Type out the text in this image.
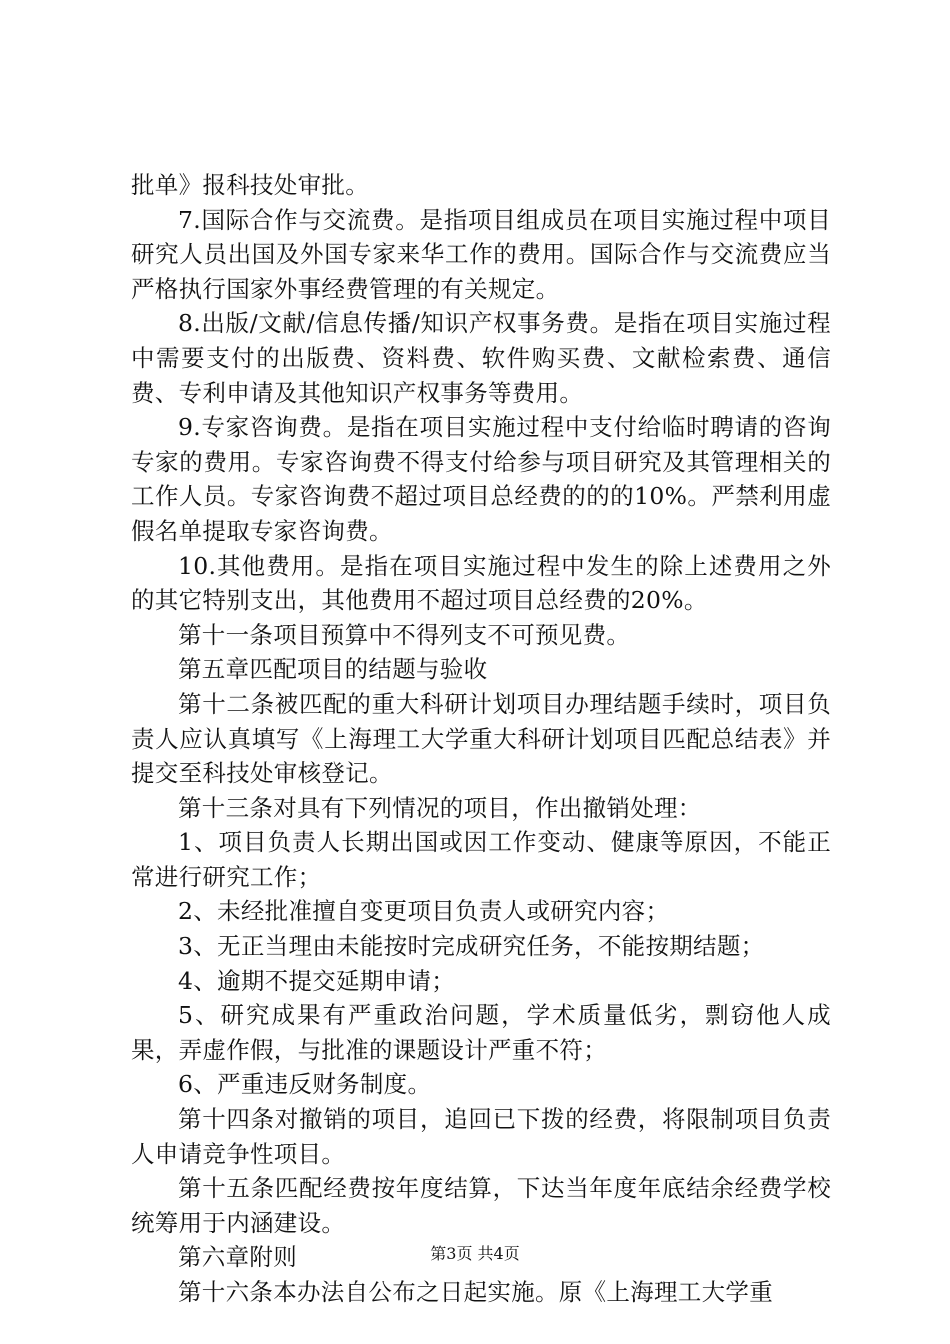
批单》报科技处审批。

7.国际合作与交流费。是指项目组成员在项目实施过程中项目研究人员出国及外国专家来华工作的费用。国际合作与交流费应当严格执行国家外事经费管理的有关规定。

8.出版/文献/信息传播/知识产权事务费。是指在项目实施过程中需要支付的出版费、资料费、软件购买费、文献检索费、通信费、专利申请及其他知识产权事务等费用。

9.专家咨询费。是指在项目实施过程中支付给临时聘请的咨询专家的费用。专家咨询费不得支付给参与项目研究及其管理相关的工作人员。专家咨询费不超过项目总经费的的的10%。严禁利用虚假名单提取专家咨询费。

10.其他费用。是指在项目实施过程中发生的除上述费用之外的其它特别支出，其他费用不超过项目总经费的20%。

第十一条项目预算中不得列支不可预见费。

第五章匹配项目的结题与验收

第十二条被匹配的重大科研计划项目办理结题手续时，项目负责人应认真填写《上海理工大学重大科研计划项目匹配总结表》并提交至科技处审核登记。

第十三条对具有下列情况的项目，作出撤销处理：

1、项目负责人长期出国或因工作变动、健康等原因，不能正常进行研究工作；

2、未经批准擅自变更项目负责人或研究内容；

3、无正当理由未能按时完成研究任务，不能按期结题；

4、逾期不提交延期申请；

5、研究成果有严重政治问题，学术质量低劣，剽窃他人成果，弄虚作假，与批准的课题设计严重不符；

6、严重违反财务制度。

第十四条对撤销的项目，追回已下拨的经费，将限制项目负责人申请竞争性项目。

第十五条匹配经费按年度结算，下达当年度年底结余经费学校统筹用于内涵建设。

第六章附则

第十六条本办法自公布之日起实施。原《上海理工大学重

第3页 共4页
